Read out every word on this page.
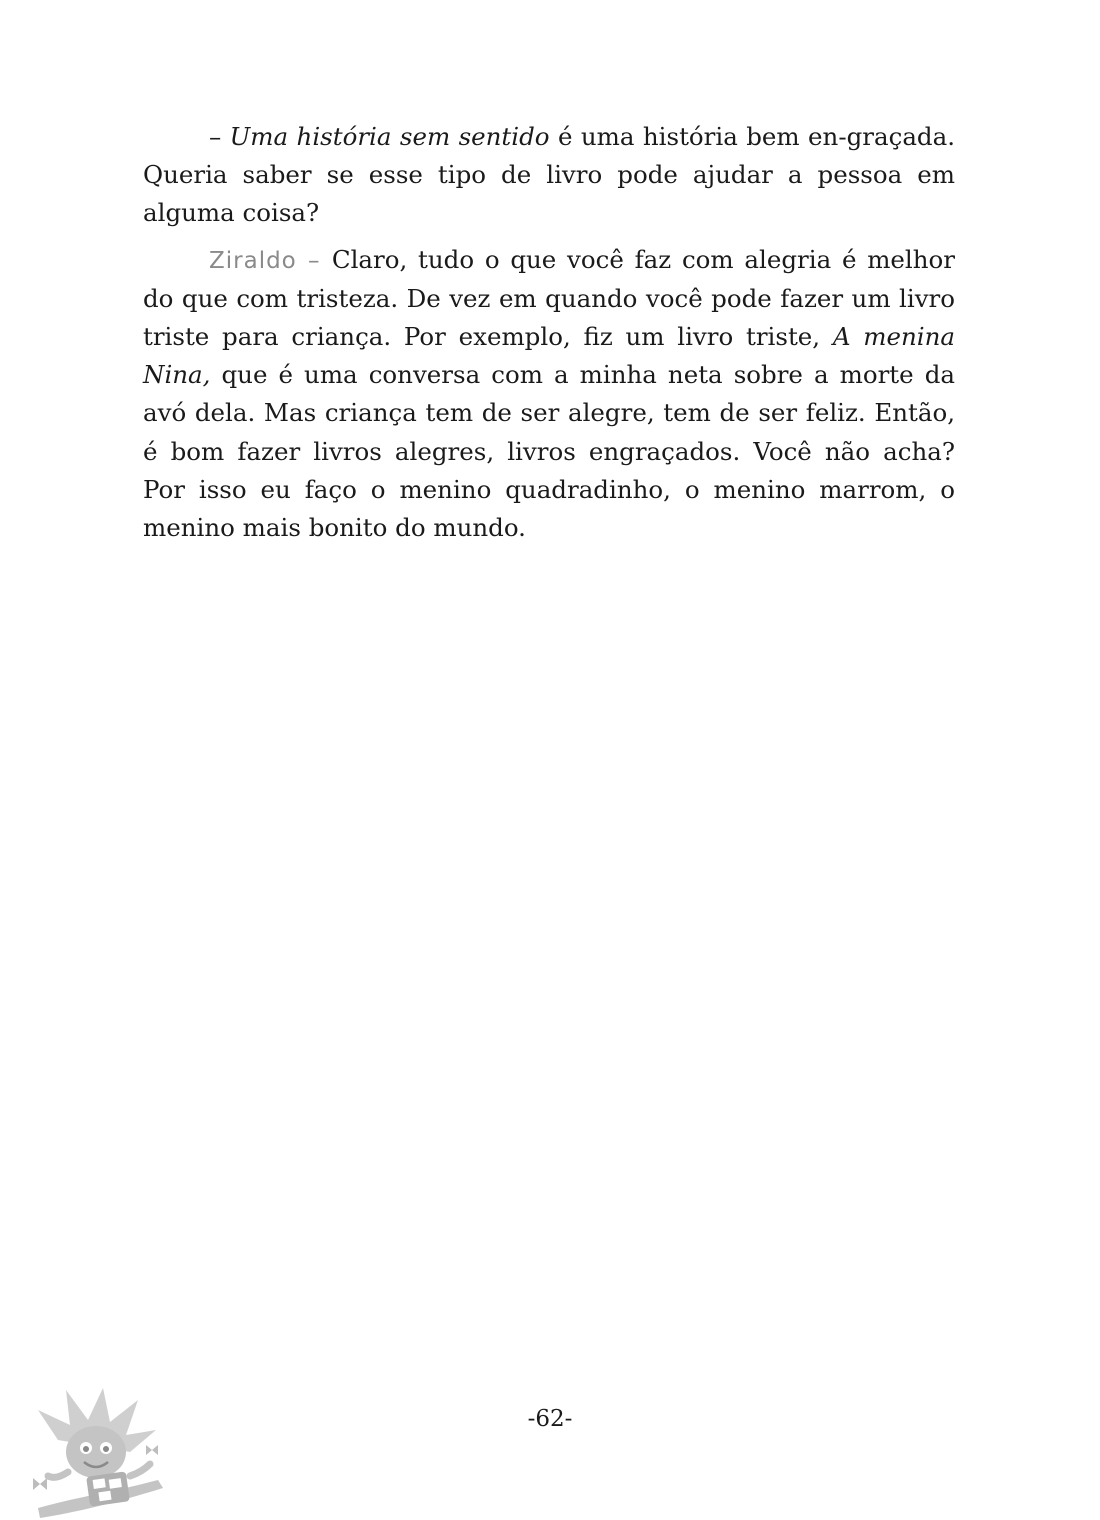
– Uma história sem sentido é uma história bem en-graçada. Queria saber se esse tipo de livro pode ajudar a pessoa em alguma coisa?

Ziraldo – Claro, tudo o que você faz com alegria é melhor do que com tristeza. De vez em quando você pode fazer um livro triste para criança. Por exemplo, fiz um livro triste, A menina Nina, que é uma conversa com a minha neta sobre a morte da avó dela. Mas criança tem de ser alegre, tem de ser feliz. Então, é bom fazer livros alegres, livros engraçados. Você não acha? Por isso eu faço o menino quadradinho, o menino marrom, o menino mais bonito do mundo.

-62-
